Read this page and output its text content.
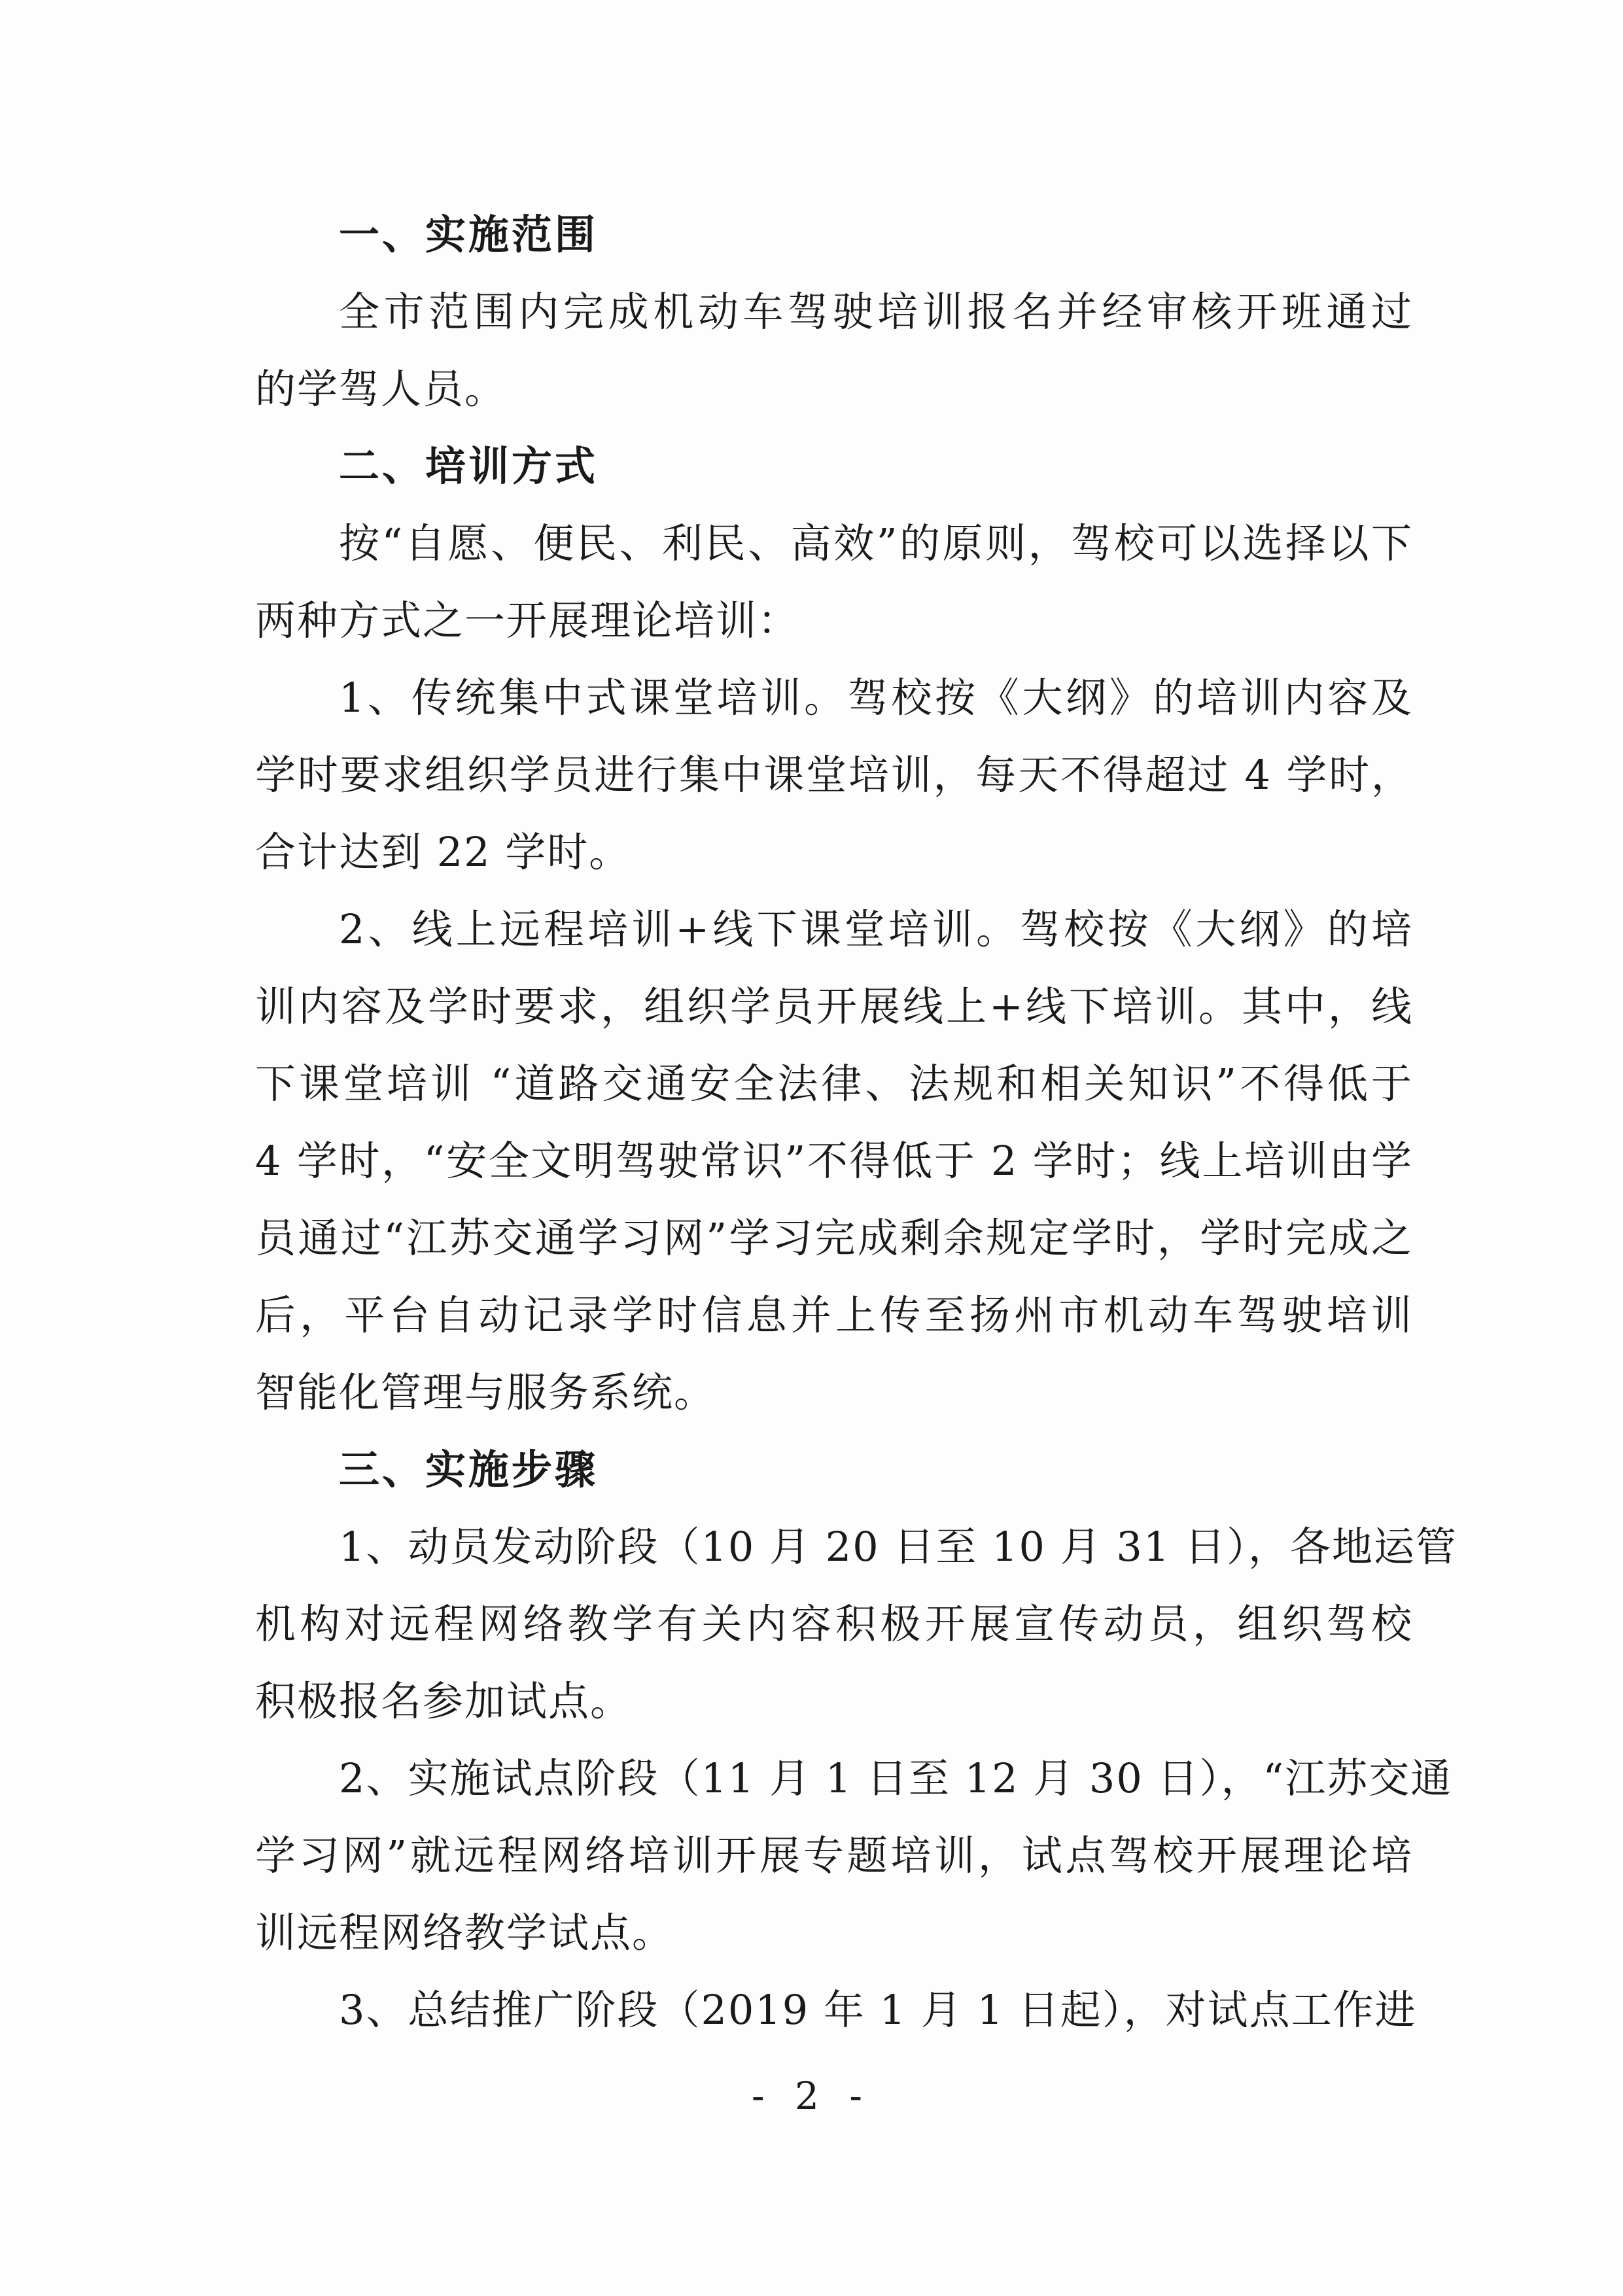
一、实施范围
全市范围内完成机动车驾驶培训报名并经审核开班通过
的学驾人员。
二、培训方式
按“自愿、便民、利民、高效”的原则，驾校可以选择以下
两种方式之一开展理论培训：
1、传统集中式课堂培训。驾校按《大纲》的培训内容及
学时要求组织学员进行集中课堂培训，每天不得超过 4 学时，
合计达到 22 学时。
2、线上远程培训+线下课堂培训。驾校按《大纲》的培
训内容及学时要求，组织学员开展线上+线下培训。其中，线
下课堂培训 “道路交通安全法律、法规和相关知识”不得低于
4 学时，“安全文明驾驶常识”不得低于 2 学时；线上培训由学
员通过“江苏交通学习网”学习完成剩余规定学时，学时完成之
后，平台自动记录学时信息并上传至扬州市机动车驾驶培训
智能化管理与服务系统。
三、实施步骤
1、动员发动阶段（10 月 20 日至 10 月 31 日），各地运管
机构对远程网络教学有关内容积极开展宣传动员，组织驾校
积极报名参加试点。
2、实施试点阶段（11 月 1 日至 12 月 30 日），“江苏交通
学习网”就远程网络培训开展专题培训，试点驾校开展理论培
训远程网络教学试点。
3、总结推广阶段（2019 年 1 月 1 日起），对试点工作进
- 2 -
